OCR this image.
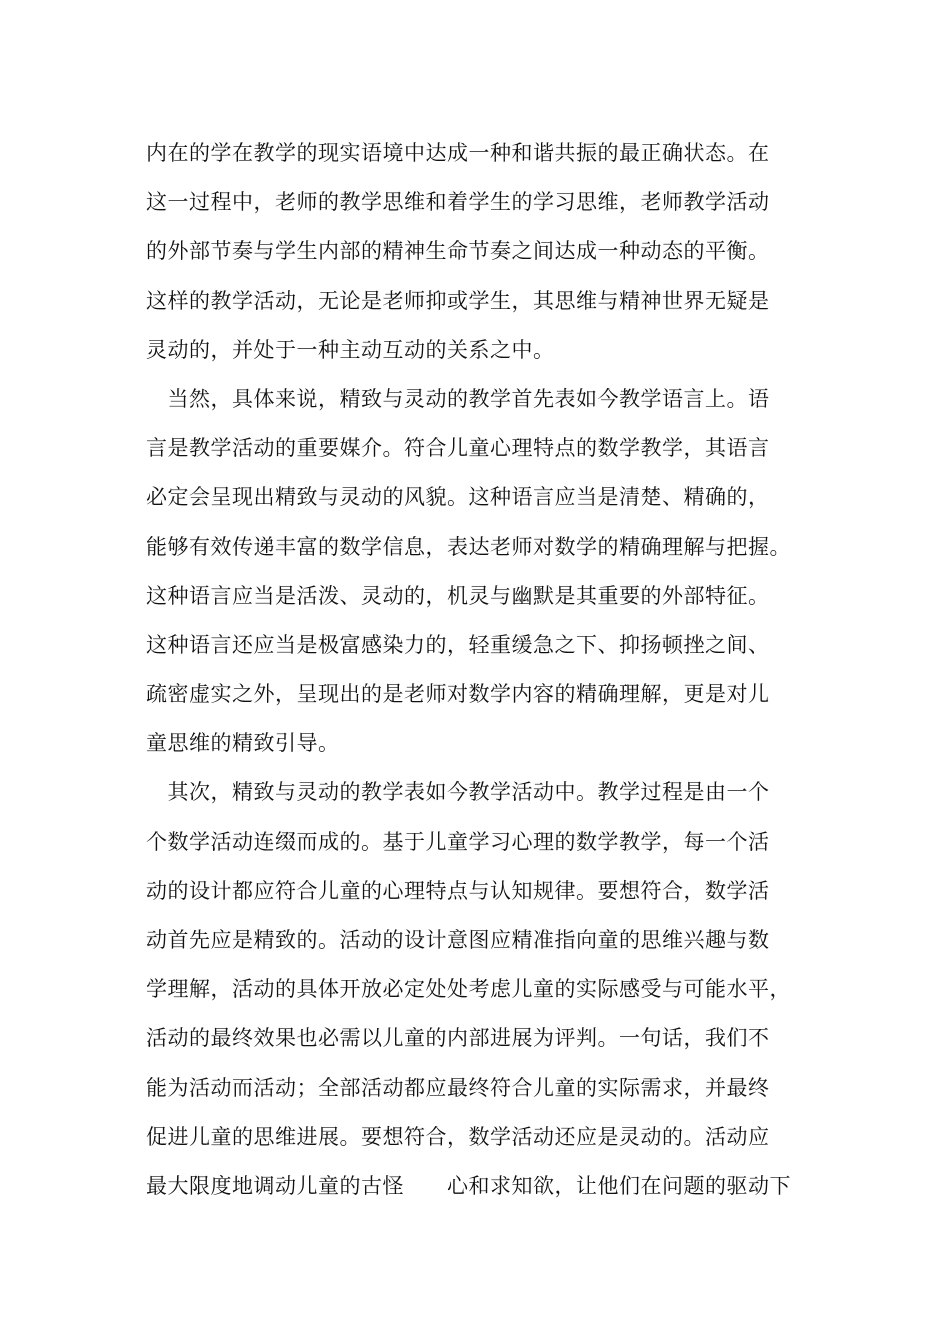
内在的学在教学的现实语境中达成一种和谐共振的最正确状态。在
这一过程中，老师的教学思维和着学生的学习思维，老师教学活动
的外部节奏与学生内部的精神生命节奏之间达成一种动态的平衡。
这样的教学活动，无论是老师抑或学生，其思维与精神世界无疑是
灵动的，并处于一种主动互动的关系之中。
　当然，具体来说，精致与灵动的教学首先表如今教学语言上。语
言是教学活动的重要媒介。符合儿童心理特点的数学教学，其语言
必定会呈现出精致与灵动的风貌。这种语言应当是清楚、精确的，
能够有效传递丰富的数学信息，表达老师对数学的精确理解与把握。
这种语言应当是活泼、灵动的，机灵与幽默是其重要的外部特征。
这种语言还应当是极富感染力的，轻重缓急之下、抑扬顿挫之间、
疏密虚实之外，呈现出的是老师对数学内容的精确理解，更是对儿
童思维的精致引导。
　其次，精致与灵动的教学表如今教学活动中。教学过程是由一个
个数学活动连缀而成的。基于儿童学习心理的数学教学，每一个活
动的设计都应符合儿童的心理特点与认知规律。要想符合，数学活
动首先应是精致的。活动的设计意图应精准指向童的思维兴趣与数
学理解，活动的具体开放必定处处考虑儿童的实际感受与可能水平，
活动的最终效果也必需以儿童的内部进展为评判。一句话，我们不
能为活动而活动；全部活动都应最终符合儿童的实际需求，并最终
促进儿童的思维进展。要想符合，数学活动还应是灵动的。活动应
最大限度地调动儿童的古怪　　心和求知欲，让他们在问题的驱动下
